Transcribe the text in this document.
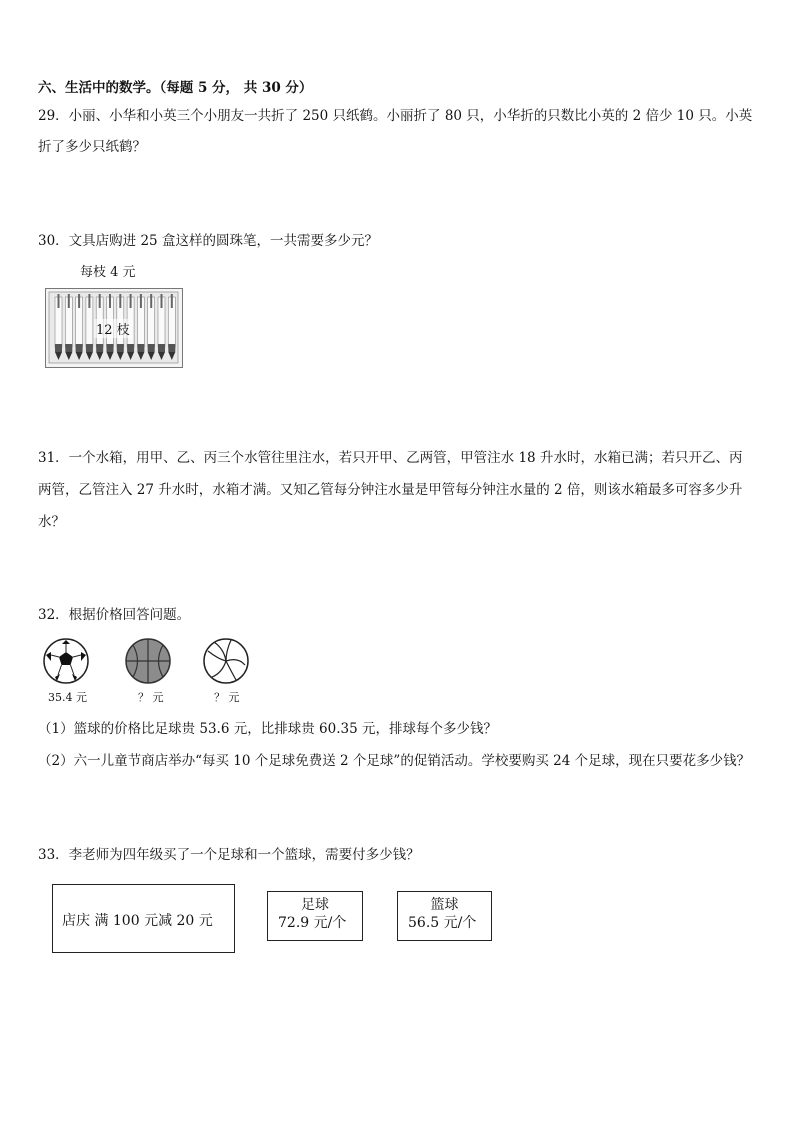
六、生活中的数学。（每题 5 分， 共 30 分）
29．小丽、小华和小英三个小朋友一共折了 250 只纸鹤。小丽折了 80 只，小华折的只数比小英的 2 倍少 10 只。小英
折了多少只纸鹤？
30．文具店购进 25 盒这样的圆珠笔，一共需要多少元？
每枝 4 元
12 枝
31．一个水箱，用甲、乙、丙三个水管往里注水，若只开甲、乙两管，甲管注水 18 升水时，水箱已满；若只开乙、丙
两管，乙管注入 27 升水时，水箱才满。又知乙管每分钟注水量是甲管每分钟注水量的 2 倍，则该水箱最多可容多少升
水？
32．根据价格回答问题。
35.4 元	？ 元	？ 元
（1）篮球的价格比足球贵 53.6 元，比排球贵 60.35 元，排球每个多少钱？
（2）六一儿童节商店举办“每买 10 个足球免费送 2 个足球”的促销活动。学校要购买 24 个足球，现在只要花多少钱？
33．李老师为四年级买了一个足球和一个篮球，需要付多少钱？
店庆 满 100 元减 20 元
足球
72.9 元/个
篮球
56.5 元/个
